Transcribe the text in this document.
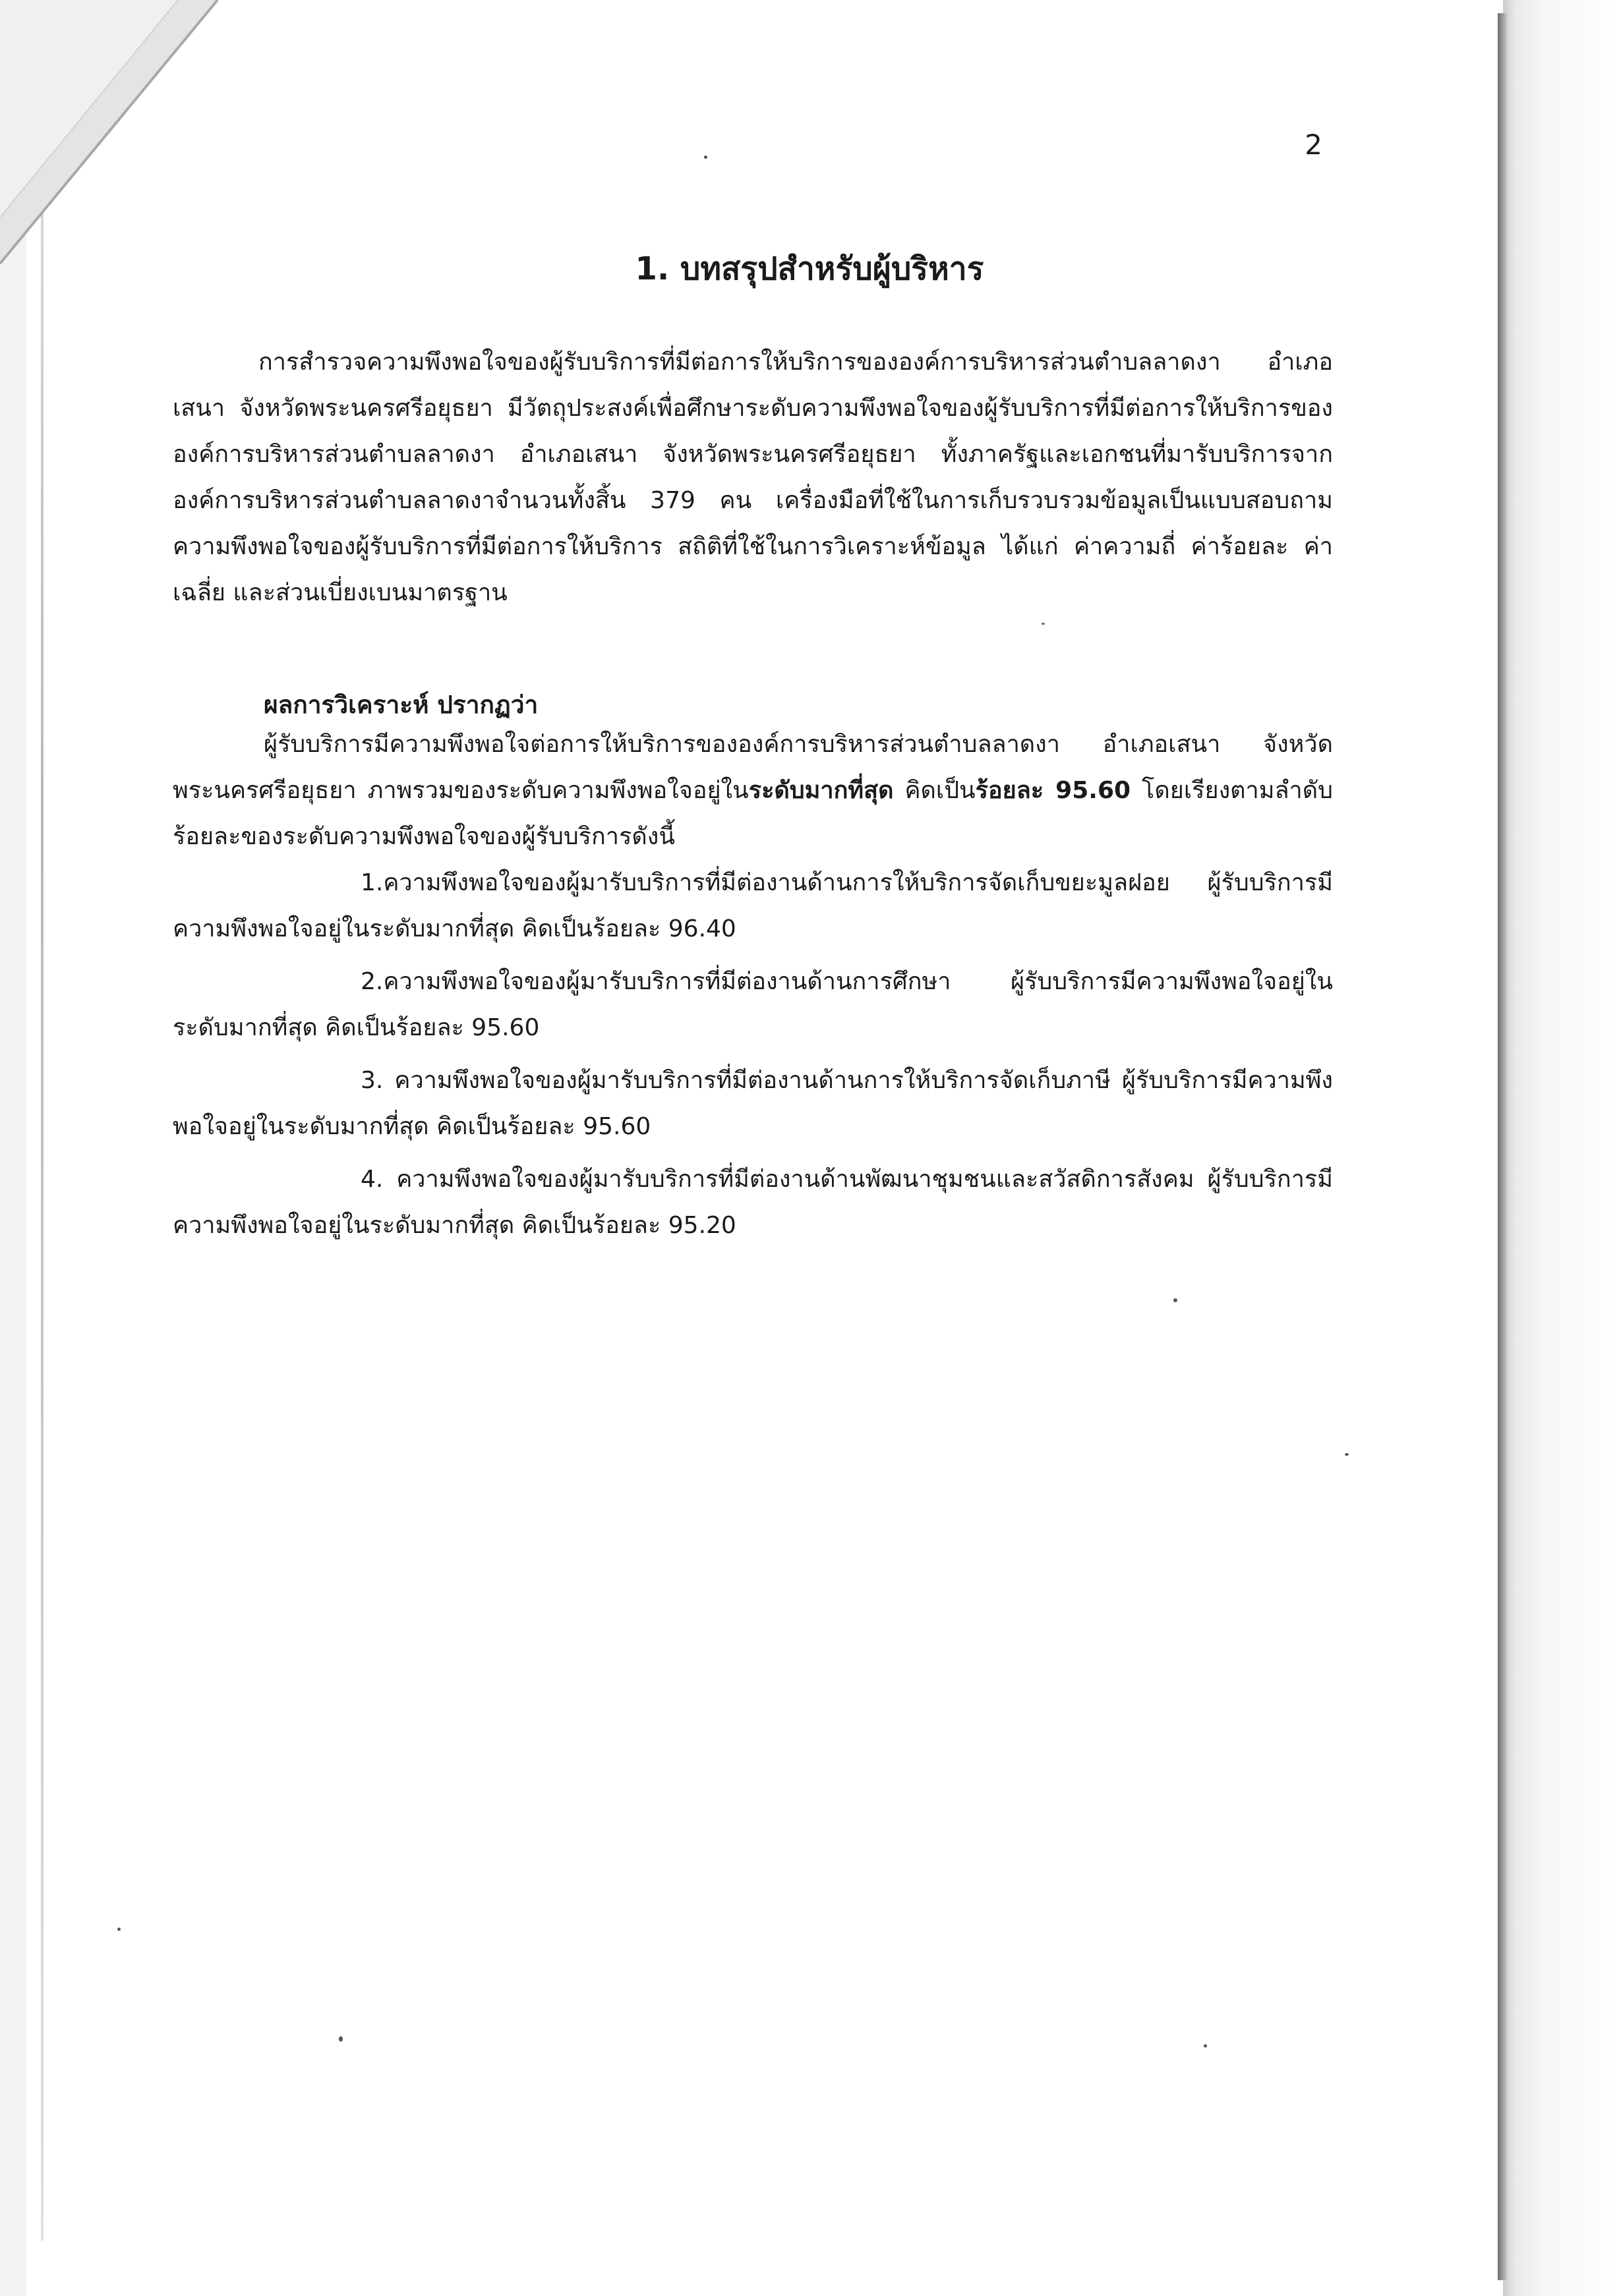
2
1. บทสรุปสำหรับผู้บริหาร

การสำรวจความพึงพอใจของผู้รับบริการที่มีต่อการให้บริการขององค์การบริหารส่วนตำบลลาดงา อำเภอเสนา จังหวัดพระนครศรีอยุธยา มีวัตถุประสงค์เพื่อศึกษาระดับความพึงพอใจของผู้รับบริการที่มีต่อการให้บริการขององค์การบริหารส่วนตำบลลาดงา อำเภอเสนา จังหวัดพระนครศรีอยุธยา ทั้งภาครัฐและเอกชนที่มารับบริการจากองค์การบริหารส่วนตำบลลาดงาจำนวนทั้งสิ้น 379 คน เครื่องมือที่ใช้ในการเก็บรวบรวมข้อมูลเป็นแบบสอบถามความพึงพอใจของผู้รับบริการที่มีต่อการให้บริการ สถิติที่ใช้ในการวิเคราะห์ข้อมูล ได้แก่ ค่าความถี่ ค่าร้อยละ ค่าเฉลี่ย และส่วนเบี่ยงเบนมาตรฐาน

ผลการวิเคราะห์ ปรากฏว่า

ผู้รับบริการมีความพึงพอใจต่อการให้บริการขององค์การบริหารส่วนตำบลลาดงา อำเภอเสนา จังหวัดพระนครศรีอยุธยา ภาพรวมของระดับความพึงพอใจอยู่ในระดับมากที่สุด คิดเป็นร้อยละ 95.60 โดยเรียงตามลำดับร้อยละของระดับความพึงพอใจของผู้รับบริการดังนี้

1.ความพึงพอใจของผู้มารับบริการที่มีต่องานด้านการให้บริการจัดเก็บขยะมูลฝอย ผู้รับบริการมีความพึงพอใจอยู่ในระดับมากที่สุด คิดเป็นร้อยละ 96.40

2.ความพึงพอใจของผู้มารับบริการที่มีต่องานด้านการศึกษา ผู้รับบริการมีความพึงพอใจอยู่ในระดับมากที่สุด คิดเป็นร้อยละ 95.60

3. ความพึงพอใจของผู้มารับบริการที่มีต่องานด้านการให้บริการจัดเก็บภาษี ผู้รับบริการมีความพึงพอใจอยู่ในระดับมากที่สุด คิดเป็นร้อยละ 95.60

4. ความพึงพอใจของผู้มารับบริการที่มีต่องานด้านพัฒนาชุมชนและสวัสดิการสังคม ผู้รับบริการมีความพึงพอใจอยู่ในระดับมากที่สุด คิดเป็นร้อยละ 95.20
